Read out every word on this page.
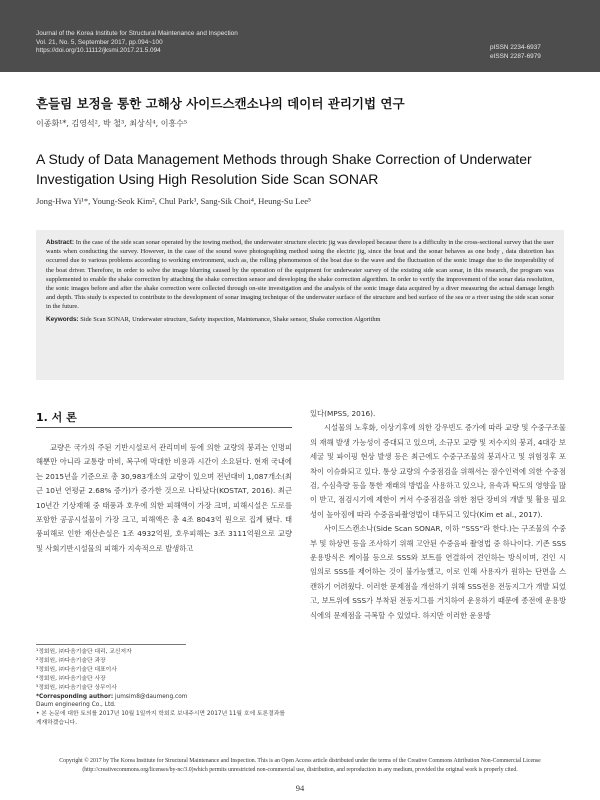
Journal of the Korea Institute for Structural Maintenance and Inspection
Vol. 21, No. 5, September 2017, pp.094~100
https://doi.org/10.11112/jksmi.2017.21.5.094	pISSN 2234-6937
eISSN 2287-6979
흔들림 보정을 통한 고해상 사이드스캔소나의 데이터 관리기법 연구
이종화¹*, 김영석², 박 철³, 최상식⁴, 이흥수⁵
A Study of Data Management Methods through Shake Correction of Underwater Investigation Using High Resolution Side Scan SONAR
Jong-Hwa Yi¹*, Young-Seok Kim², Chul Park³, Sang-Sik Choi⁴, Heung-Su Lee⁵

Abstract: In the case of the side scan sonar operated by the towing method, the underwater structure electric jig was developed because there is a difficulty in the cross-sectional survey that the user wants when conducting the survey. However, in the case of the sound wave photographing method using the electric jig, since the boat and the sonar behaves as one body , data distortion has occurred due to various problems according to working environment, such as, the rolling phenomenon of the boat due to the wave and the fluctuation of the sonic image due to the inoperability of the boat driver. Therefore, in order to solve the image blurring caused by the operation of the equipment for underwater survey of the existing side scan sonar, in this research, the program was supplemented to enable the shake correction by attaching the shake correction sensor and developing the shake correction algorithm. In order to verify the improvement of the sonar data resolution, the sonic images before and after the shake correction were collected through on-site investigation and the analysis of the sonic image data acquired by a diver measuring the actual damage length and depth. This study is expected to contribute to the development of sonar imaging technique of the underwater surface of the structure and bed surface of the sea or a river using the side scan sonar in the future.

Keywords: Side Scan SONAR, Underwater structure, Safety inspection, Maintenance, Shake sensor, Shake correction Algorithm

1. 서 론

교량은 국가의 주된 기반시설로서 관리미비 등에 의한 교량의 붕괴는 인명피해뿐만 아니라 교통량 마비, 복구에 막대한 비용과 시간이 소요된다. 현재 국내에는 2015년을 기준으로 총 30,983개소의 교량이 있으며 전년대비 1,087개소(최근 10년 연평균 2.68% 증가)가 증가한 것으로 나타났다(KOSTAT, 2016). 최근 10년간 기상재해 중 태풍과 호우에 의한 피해액이 가장 크며, 피해시설은 도로를 포함한 공공시설물이 가장 크고, 피해액은 총 4조 8043억 원으로 집계 됐다. 태풍피해로 인한 재산손실은 1조 4932억원, 호우피해는 3조 3111억원으로 교량 및 사회기반시설물의 피해가 지속적으로 발생하고

있다(MPSS, 2016).

시설물의 노후화, 이상기후에 의한 강우빈도 증가에 따라 교량 및 수중구조물의 재해 발생 가능성이 증대되고 있으며, 소규모 교량 및 저수지의 붕괴, 4대강 보 세굴 및 파이핑 현상 발생 등은 최근에도 수중구조물의 붕괴사고 및 위험징후 포착이 이슈화되고 있다. 통상 교량의 수중점검을 위해서는 잠수인력에 의한 수중점검, 수심측량 등을 통한 재래의 방법을 사용하고 있으나, 유속과 탁도의 영향을 많이 받고, 점검시기에 제한이 커서 수중점검을 위한 첨단 장비의 개발 및 활용 필요성이 높아짐에 따라 수중음파촬영법이 대두되고 있다(Kim et al., 2017).

사이드스캔소나(Side Scan SONAR, 이하 “SSS”라 한다.)는 구조물의 수중부 및 하상면 등을 조사하기 위해 고안된 수중음파 촬영법 중 하나이다. 기존 SSS운용방식은 케이블 등으로 SSS와 보트를 연결하여 견인하는 방식이며, 견인 시 임의로 SSS를 제어하는 것이 불가능했고, 이로 인해 사용자가 원하는 단면을 스캔하기 어려웠다. 이러한 문제점을 개선하기 위해 SSS전용 전동지그가 개발 되었고, 보트위에 SSS가 부착된 전동지그를 거치하여 운용하기 때문에 종전에 운용방식에의 문제점을 극복할 수 있었다. 하지만 이러한 운용방

¹정회원, ㈜다음기술단 대리, 교신저자
²정회원, ㈜다음기술단 과장
³정회원, ㈜다음기술단 대표이사
⁴정회원, ㈜다음기술단 사장
⁵정회원, ㈜다음기술단 상무이사
*Corresponding author: jumsim8@daumeng.com
Daum engineering Co., Ltd.
• 본 논문에 대한 토의를 2017년 10월 1일까지 학회로 보내주시면 2017년 11월 호에 토론결과를 게재하겠습니다.
Copyright © 2017 by The Korea Institute for Structural Maintenance and Inspection. This is an Open Access article distributed under the terms of the Creative Commons Attribution Non-Commercial License (http://creativecommons.org/licenses/by-nc/3.0)which permits unrestricted non-commercial use, distribution, and reproduction in any medium, provided the original work is properly cited.
94
